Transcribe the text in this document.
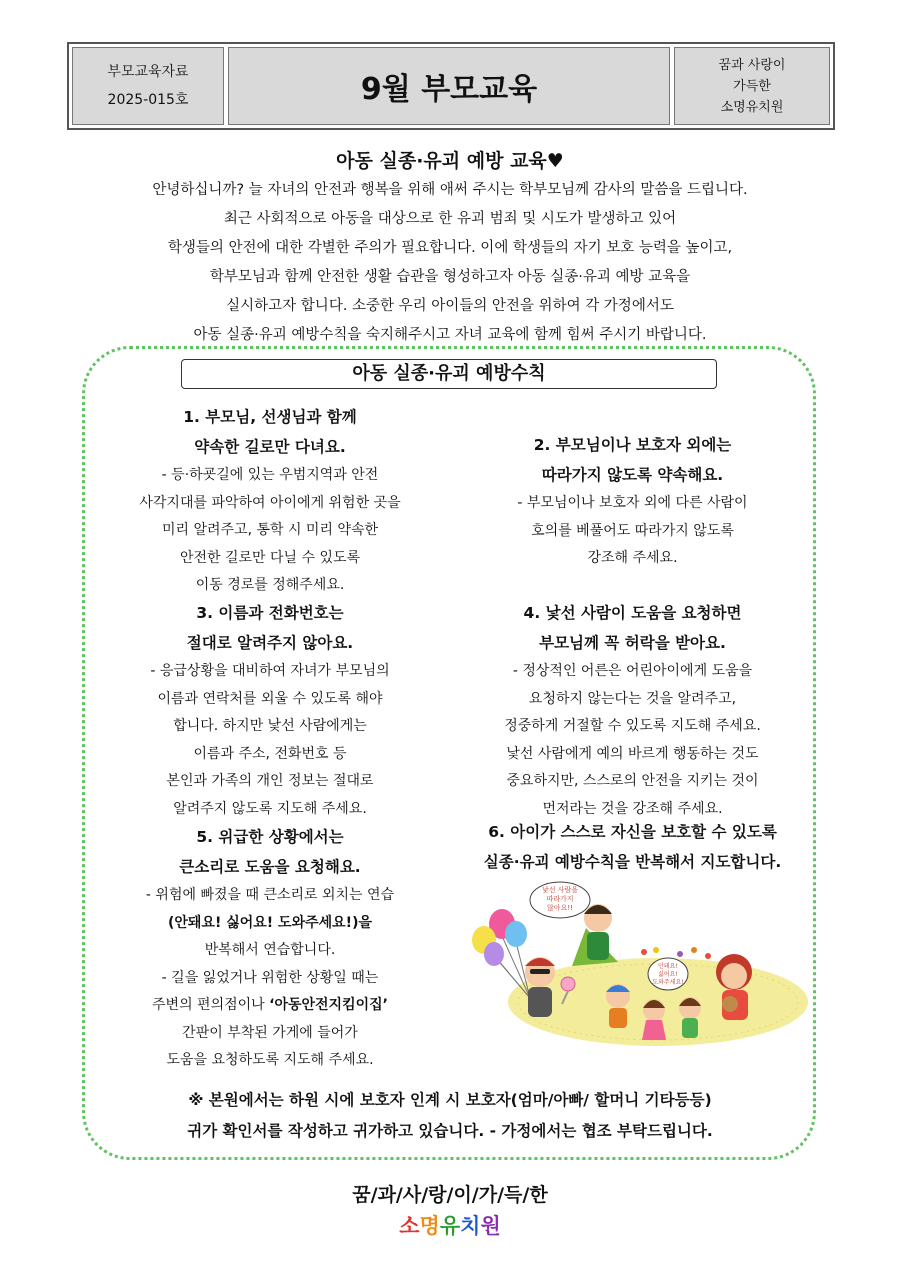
부모교육자료
2025-015호	9월 부모교육
꿈과 사랑이
가득한
소명유치원
아동 실종·유괴 예방 교육♥
안녕하십니까? 늘 자녀의 안전과 행복을 위해 애써 주시는 학부모님께 감사의 말씀을 드립니다.
최근 사회적으로 아동을 대상으로 한 유괴 범죄 및 시도가 발생하고 있어
학생들의 안전에 대한 각별한 주의가 필요합니다. 이에 학생들의 자기 보호 능력을 높이고,
학부모님과 함께 안전한 생활 습관을 형성하고자 아동 실종·유괴 예방 교육을
실시하고자 합니다. 소중한 우리 아이들의 안전을 위하여 각 가정에서도
아동 실종·유괴 예방수칙을 숙지해주시고 자녀 교육에 함께 힘써 주시기 바랍니다.
아동 실종·유괴 예방수칙
1. 부모님, 선생님과 함께
약속한 길로만 다녀요.
- 등·하굣길에 있는 우범지역과 안전
사각지대를 파악하여 아이에게 위험한 곳을
미리 알려주고, 통학 시 미리 약속한
안전한 길로만 다닐 수 있도록
이동 경로를 정해주세요.
3. 이름과 전화번호는
절대로 알려주지 않아요.
- 응급상황을 대비하여 자녀가 부모님의
이름과 연락처를 외울 수 있도록 해야
합니다. 하지만 낯선 사람에게는
이름과 주소, 전화번호 등
본인과 가족의 개인 정보는 절대로
알려주지 않도록 지도해 주세요.
5. 위급한 상황에서는
큰소리로 도움을 요청해요.
- 위험에 빠졌을 때 큰소리로 외치는 연습
(안돼요! 싫어요! 도와주세요!)을
반복해서 연습합니다.
- 길을 잃었거나 위험한 상황일 때는
주변의 편의점이나 ‘아동안전지킴이집’
간판이 부착된 가게에 들어가
도움을 요청하도록 지도해 주세요.
2. 부모님이나 보호자 외에는
따라가지 않도록 약속해요.
- 부모님이나 보호자 외에 다른 사람이
호의를 베풀어도 따라가지 않도록
강조해 주세요.
4. 낯선 사람이 도움을 요청하면
부모님께 꼭 허락을 받아요.
- 정상적인 어른은 어린아이에게 도움을
요청하지 않는다는 것을 알려주고,
정중하게 거절할 수 있도록 지도해 주세요.
낯선 사람에게 예의 바르게 행동하는 것도
중요하지만, 스스로의 안전을 지키는 것이
먼저라는 것을 강조해 주세요.
6. 아이가 스스로 자신을 보호할 수 있도록
실종·유괴 예방수칙을 반복해서 지도합니다.
낯선 사람을
따라가지
않아요!!
안돼요!
싫어요!
도와주세요!
※ 본원에서는 하원 시에 보호자 인계 시 보호자(엄마/아빠/ 할머니 기타등등)
귀가 확인서를 작성하고 귀가하고 있습니다. - 가정에서는 협조 부탁드립니다.
꿈/과/사/랑/이/가/득/한
소명유치원
